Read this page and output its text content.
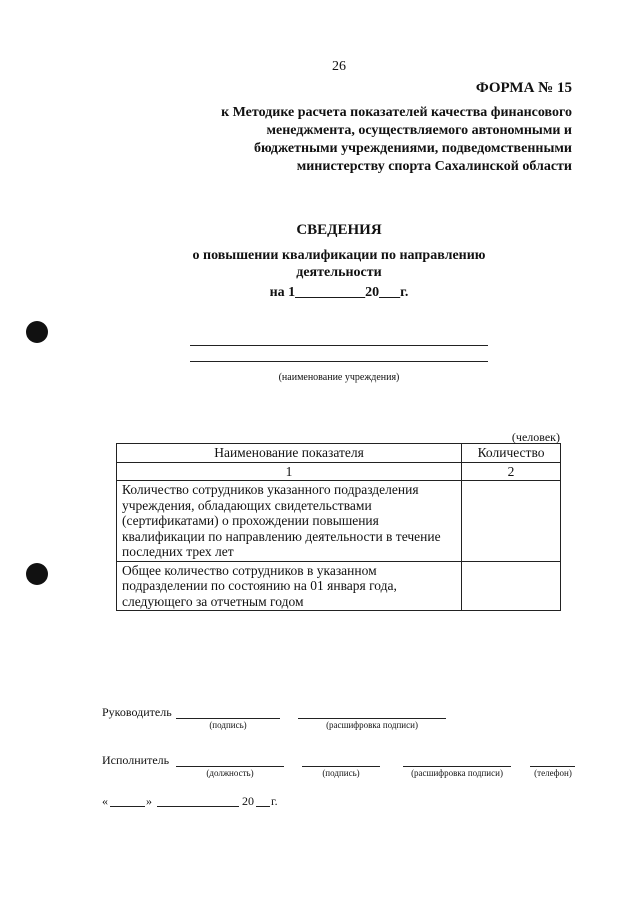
26
ФОРМА № 15
к Методике расчета показателей качества финансового
менеджмента, осуществляемого автономными и
бюджетными учреждениями, подведомственными
министерству спорта Сахалинской области
СВЕДЕНИЯ
о повышении квалификации по направлению
деятельности
на 1__________20___г.
(наименование учреждения)
(человек)
Наименование показателя	Количество
1	2
Количество сотрудников указанного подразделения учреждения, обладающих свидетельствами (сертификатами) о прохождении повышения квалификации по направлению деятельности в течение последних трех лет	
Общее количество сотрудников в указанном подразделении по состоянию на 01 января года, следующего за отчетным годом	
Руководитель
(подпись)	(расшифровка подписи)
Исполнитель
(должность)	(подпись)	(расшифровка подписи)	(телефон)
«	»	20 г.
